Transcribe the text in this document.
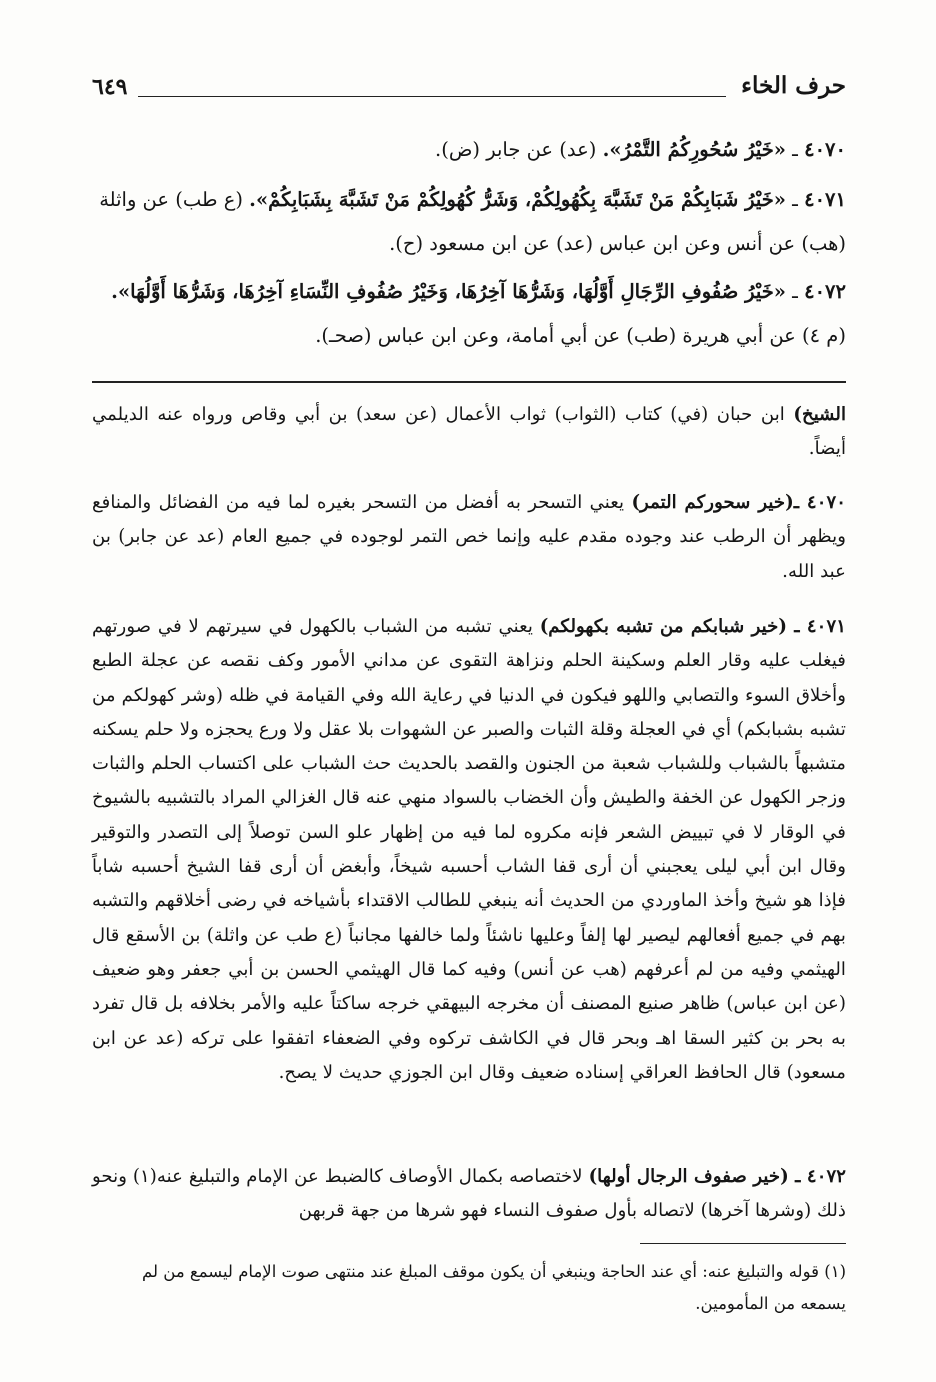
حرف الخاء
٦٤٩
٤٠٧٠ ـ «خَيْرُ سُحُورِكُمُ التَّمْرُ». (عد) عن جابر (ض).
٤٠٧١ ـ «خَيْرُ شَبَابِكُمْ مَنْ تَشَبَّهَ بِكُهُولِكُمْ، وَشَرُّ كُهُولِكُمْ مَنْ تَشَبَّهَ بِشَبَابِكُمْ». (ع طب) عن واثلة (هب) عن أنس وعن ابن عباس (عد) عن ابن مسعود (ح).
٤٠٧٢ ـ «خَيْرُ صُفُوفِ الرِّجَالِ أَوَّلُهَا، وَشَرُّهَا آخِرُهَا، وَخَيْرُ صُفُوفِ النِّسَاءِ آخِرُهَا، وَشَرُّهَا أَوَّلُهَا». (م ٤) عن أبي هريرة (طب) عن أبي أمامة، وعن ابن عباس (صحـ).
الشيخ) ابن حبان (في) كتاب (الثواب) ثواب الأعمال (عن سعد) بن أبي وقاص ورواه عنه الديلمي أيضاً.
٤٠٧٠ ـ(خير سحوركم التمر) يعني التسحر به أفضل من التسحر بغيره لما فيه من الفضائل والمنافع ويظهر أن الرطب عند وجوده مقدم عليه وإنما خص التمر لوجوده في جميع العام (عد عن جابر) بن عبد الله.
٤٠٧١ ـ (خير شبابكم من تشبه بكهولكم) يعني تشبه من الشباب بالكهول في سيرتهم لا في صورتهم فيغلب عليه وقار العلم وسكينة الحلم ونزاهة التقوى عن مداني الأمور وكف نقصه عن عجلة الطبع وأخلاق السوء والتصابي واللهو فيكون في الدنيا في رعاية الله وفي القيامة في ظله (وشر كهولكم من تشبه بشبابكم) أي في العجلة وقلة الثبات والصبر عن الشهوات بلا عقل ولا ورع يحجزه ولا حلم يسكنه متشبهاً بالشباب وللشباب شعبة من الجنون والقصد بالحديث حث الشباب على اكتساب الحلم والثبات وزجر الكهول عن الخفة والطيش وأن الخضاب بالسواد منهي عنه قال الغزالي المراد بالتشبيه بالشيوخ في الوقار لا في تبييض الشعر فإنه مكروه لما فيه من إظهار علو السن توصلاً إلى التصدر والتوقير وقال ابن أبي ليلى يعجبني أن أرى قفا الشاب أحسبه شيخاً، وأبغض أن أرى قفا الشيخ أحسبه شاباً فإذا هو شيخ وأخذ الماوردي من الحديث أنه ينبغي للطالب الاقتداء بأشياخه في رضى أخلاقهم والتشبه بهم في جميع أفعالهم ليصير لها إلفاً وعليها ناشئاً ولما خالفها مجانباً (ع طب عن واثلة) بن الأسقع قال الهيثمي وفيه من لم أعرفهم (هب عن أنس) وفيه كما قال الهيثمي الحسن بن أبي جعفر وهو ضعيف (عن ابن عباس) ظاهر صنيع المصنف أن مخرجه البيهقي خرجه ساكتاً عليه والأمر بخلافه بل قال تفرد به بحر بن كثير السقا اهـ وبحر قال في الكاشف تركوه وفي الضعفاء اتفقوا على تركه (عد عن ابن مسعود) قال الحافظ العراقي إسناده ضعيف وقال ابن الجوزي حديث لا يصح.
٤٠٧٢ ـ (خير صفوف الرجال أولها) لاختصاصه بكمال الأوصاف كالضبط عن الإمام والتبليغ عنه(١) ونحو ذلك (وشرها آخرها) لاتصاله بأول صفوف النساء فهو شرها من جهة قربهن
(١) قوله والتبليغ عنه: أي عند الحاجة وينبغي أن يكون موقف المبلغ عند منتهى صوت الإمام ليسمع من لم يسمعه من المأمومين.
